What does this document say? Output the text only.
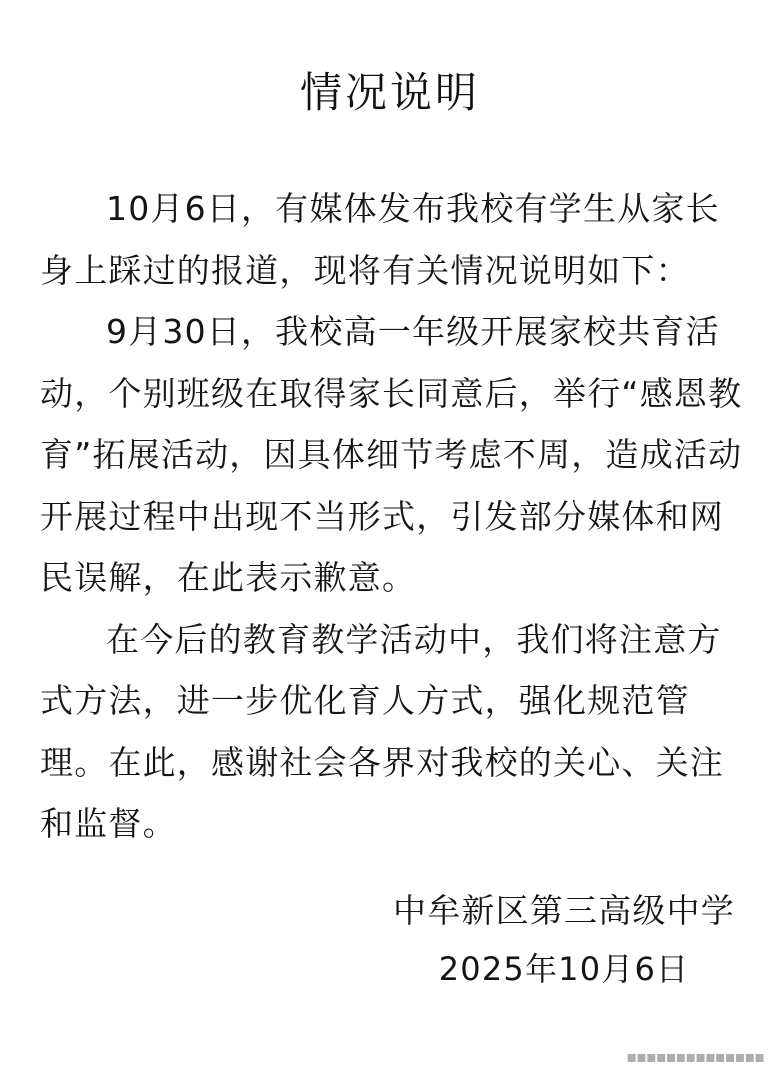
情况说明

10月6日，有媒体发布我校有学生从家长身上踩过的报道，现将有关情况说明如下：

9月30日，我校高一年级开展家校共育活动，个别班级在取得家长同意后，举行“感恩教育”拓展活动，因具体细节考虑不周，造成活动开展过程中出现不当形式，引发部分媒体和网民误解，在此表示歉意。

在今后的教育教学活动中，我们将注意方式方法，进一步优化育人方式，强化规范管理。在此，感谢社会各界对我校的关心、关注和监督。

中牟新区第三高级中学
2025年10月6日
▪▪▪▪▪▪▪▪▪▪▪▪▪▪
